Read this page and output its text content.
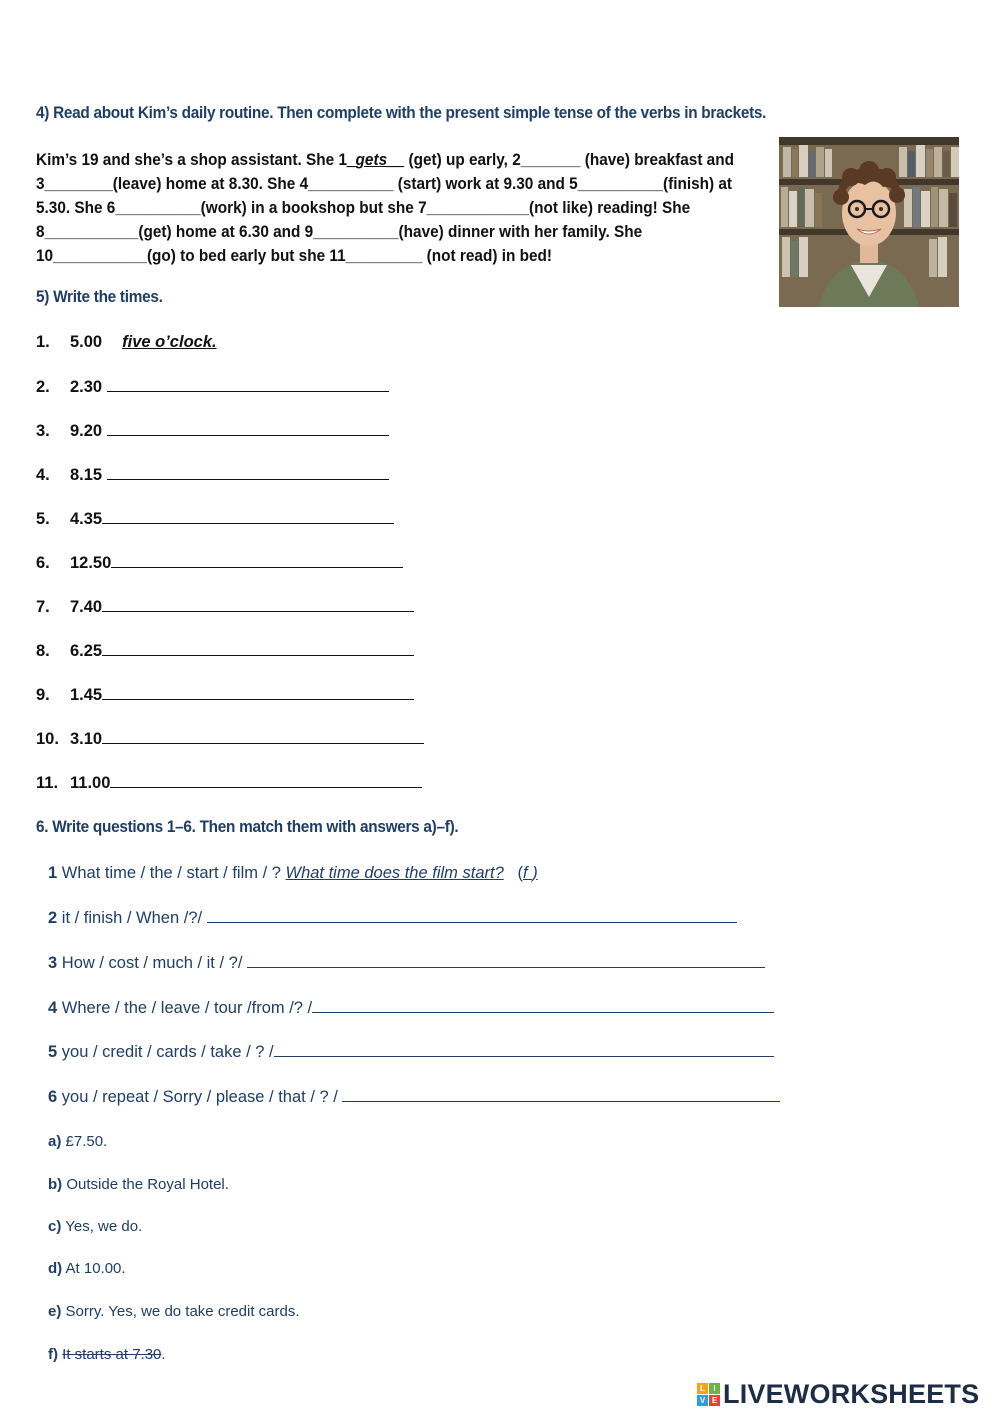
4) Read about Kim’s daily routine. Then complete with the present simple tense of the verbs in brackets.
Kim’s 19 and she’s a shop assistant. She 1_gets__ (get) up early, 2_______ (have) breakfast and
3________(leave) home at 8.30. She 4__________ (start) work at 9.30 and 5__________(finish) at
5.30. She 6__________(work) in a bookshop but she 7____________(not like) reading! She
8___________(get) home at 6.30 and 9__________(have) dinner with her family. She
10___________(go) to bed early but she 11_________ (not read) in bed!
5) Write the times.
1. 5.00 five o’clock.
2. 2.30
3. 9.20
4. 8.15
5. 4.35
6. 12.50
7. 7.40
8. 6.25
9. 1.45
10. 3.10
11. 11.00
6. Write questions 1–6. Then match them with answers a)–f).
1 What time / the / start / film / ? What time does the film start? (f )
2 it / finish / When /?/
3 How / cost / much / it / ?/
4 Where / the / leave / tour /from /? /
5 you / credit / cards / take / ? /
6 you / repeat / Sorry / please / that / ? /
a) £7.50.
b) Outside the Royal Hotel.
c) Yes, we do.
d) At 10.00.
e) Sorry. Yes, we do take credit cards.
f) It starts at 7.30.
L	I
V E LIVEWORKSHEETS
